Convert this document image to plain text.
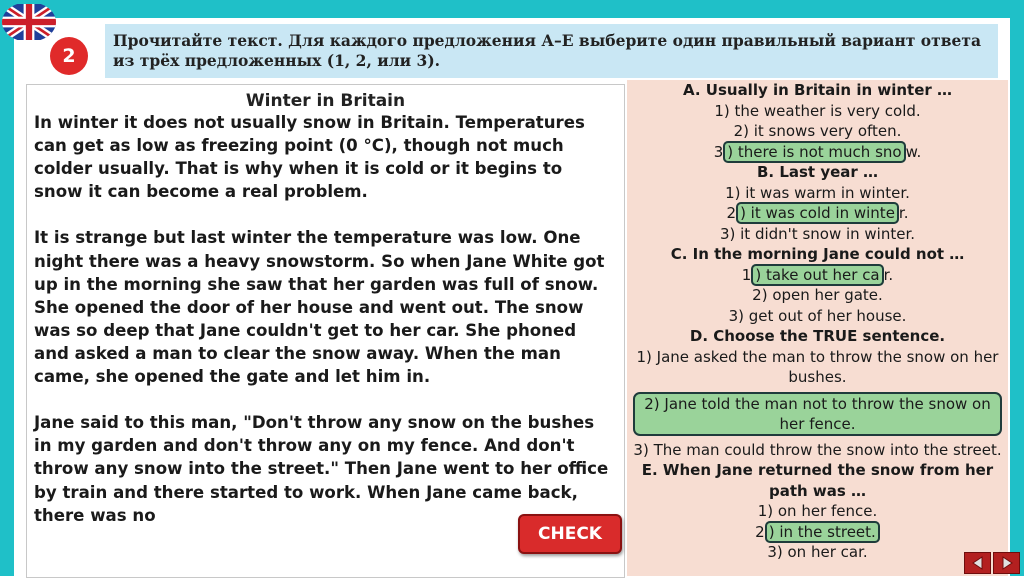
2
Прочитайте текст. Для каждого предложения А–Е выберите один правильный вариант ответа из трёх предложенных (1, 2, или 3).
Winter in Britain

In winter it does not usually snow in Britain. Temperatures can get as low as freezing point (0 °C), though not much colder usually. That is why when it is cold or it begins to snow it can become a real problem.

It is strange but last winter the temperature was low. One night there was a heavy snowstorm. So when Jane White got up in the morning she saw that her garden was full of snow. She opened the door of her house and went out. The snow was so deep that Jane couldn't get to her car. She phoned and asked a man to clear the snow away. When the man came, she opened the gate and let him in.

Jane said to this man, "Don't throw any snow on the bushes in my garden and don't throw any on my fence. And don't throw any snow into the street." Then Jane went to her office by train and there started to work. When Jane came back, there was no

A. Usually in Britain in winter …
1) the weather is very cold.
2) it snows very often.
3 ) there is not much sno w.
B. Last year …
1) it was warm in winter.
2 ) it was cold in winte r.
3) it didn't snow in winter.
C. In the morning Jane could not …
1 ) take out her ca r.
2) open her gate.
3) get out of her house.
D. Choose the TRUE sentence.
1) Jane asked the man to throw the snow on her bushes.
2) Jane told the man not to throw the snow on her fence.
3) The man could throw the snow into the street.
E. When Jane returned the snow from her path was …
1) on her fence.
2 ) in the street.
3) on her car.
CHECK
